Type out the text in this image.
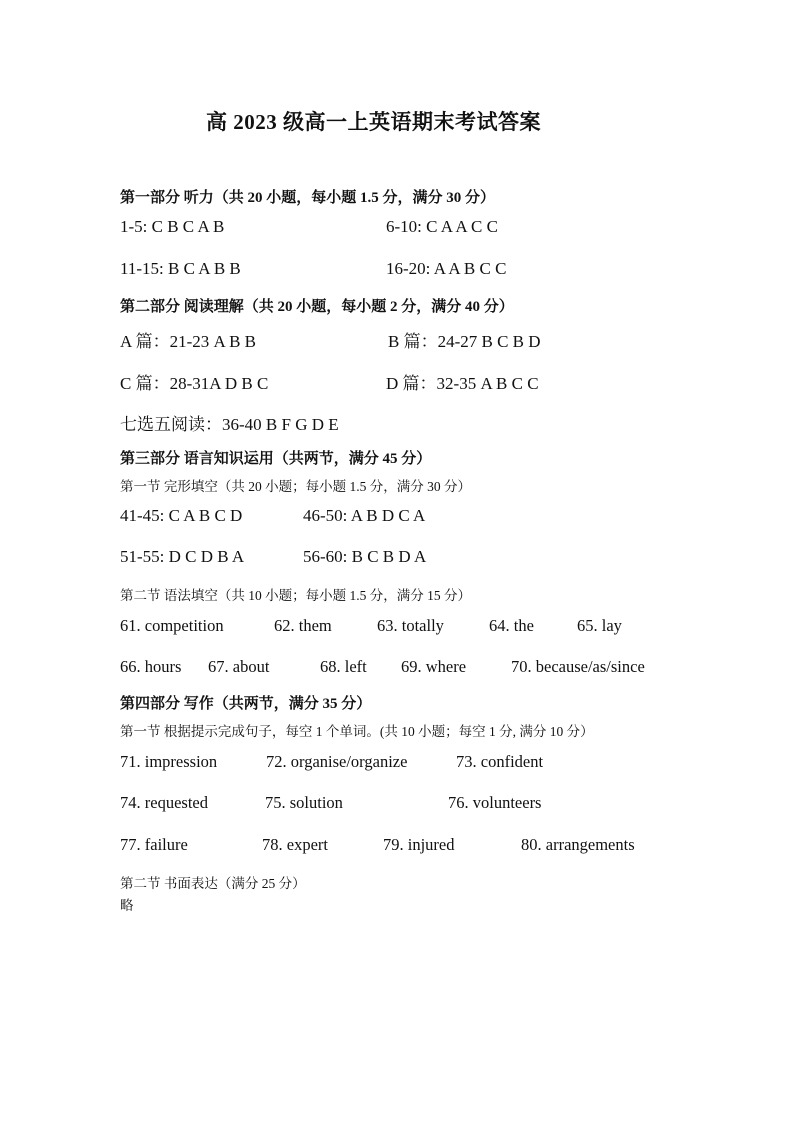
高 2023 级高一上英语期末考试答案
第一部分 听力（共 20 小题，每小题 1.5 分，满分 30 分）
1-5: C B C A B	6-10: C A A C C
11-15: B C A B B	16-20: A A B C C
第二部分 阅读理解（共 20 小题，每小题 2 分，满分 40 分）
A 篇：21-23 A B B	B 篇：24-27 B C B D
C 篇：28-31A D B C	D 篇：32-35 A B C C
七选五阅读：36-40 B F G D E
第三部分 语言知识运用（共两节，满分 45 分）
第一节 完形填空（共 20 小题；每小题 1.5 分，满分 30 分）
41-45: C A B C D	46-50: A B D C A
51-55: D C D B A	56-60: B C B D A
第二节 语法填空（共 10 小题；每小题 1.5 分，满分 15 分）
61. competition	62. them	63. totally	64. the	65. lay
66. hours 67. about	68. left 69. where	70. because/as/since
第四部分 写作（共两节，满分 35 分）
第一节 根据提示完成句子，每空 1 个单词。(共 10 小题；每空 1 分, 满分 10 分）
71. impression	72. organise/organize	73. confident
74. requested	75. solution	76. volunteers
77. failure	78. expert	79. injured	80. arrangements
第二节 书面表达（满分 25 分）
略
